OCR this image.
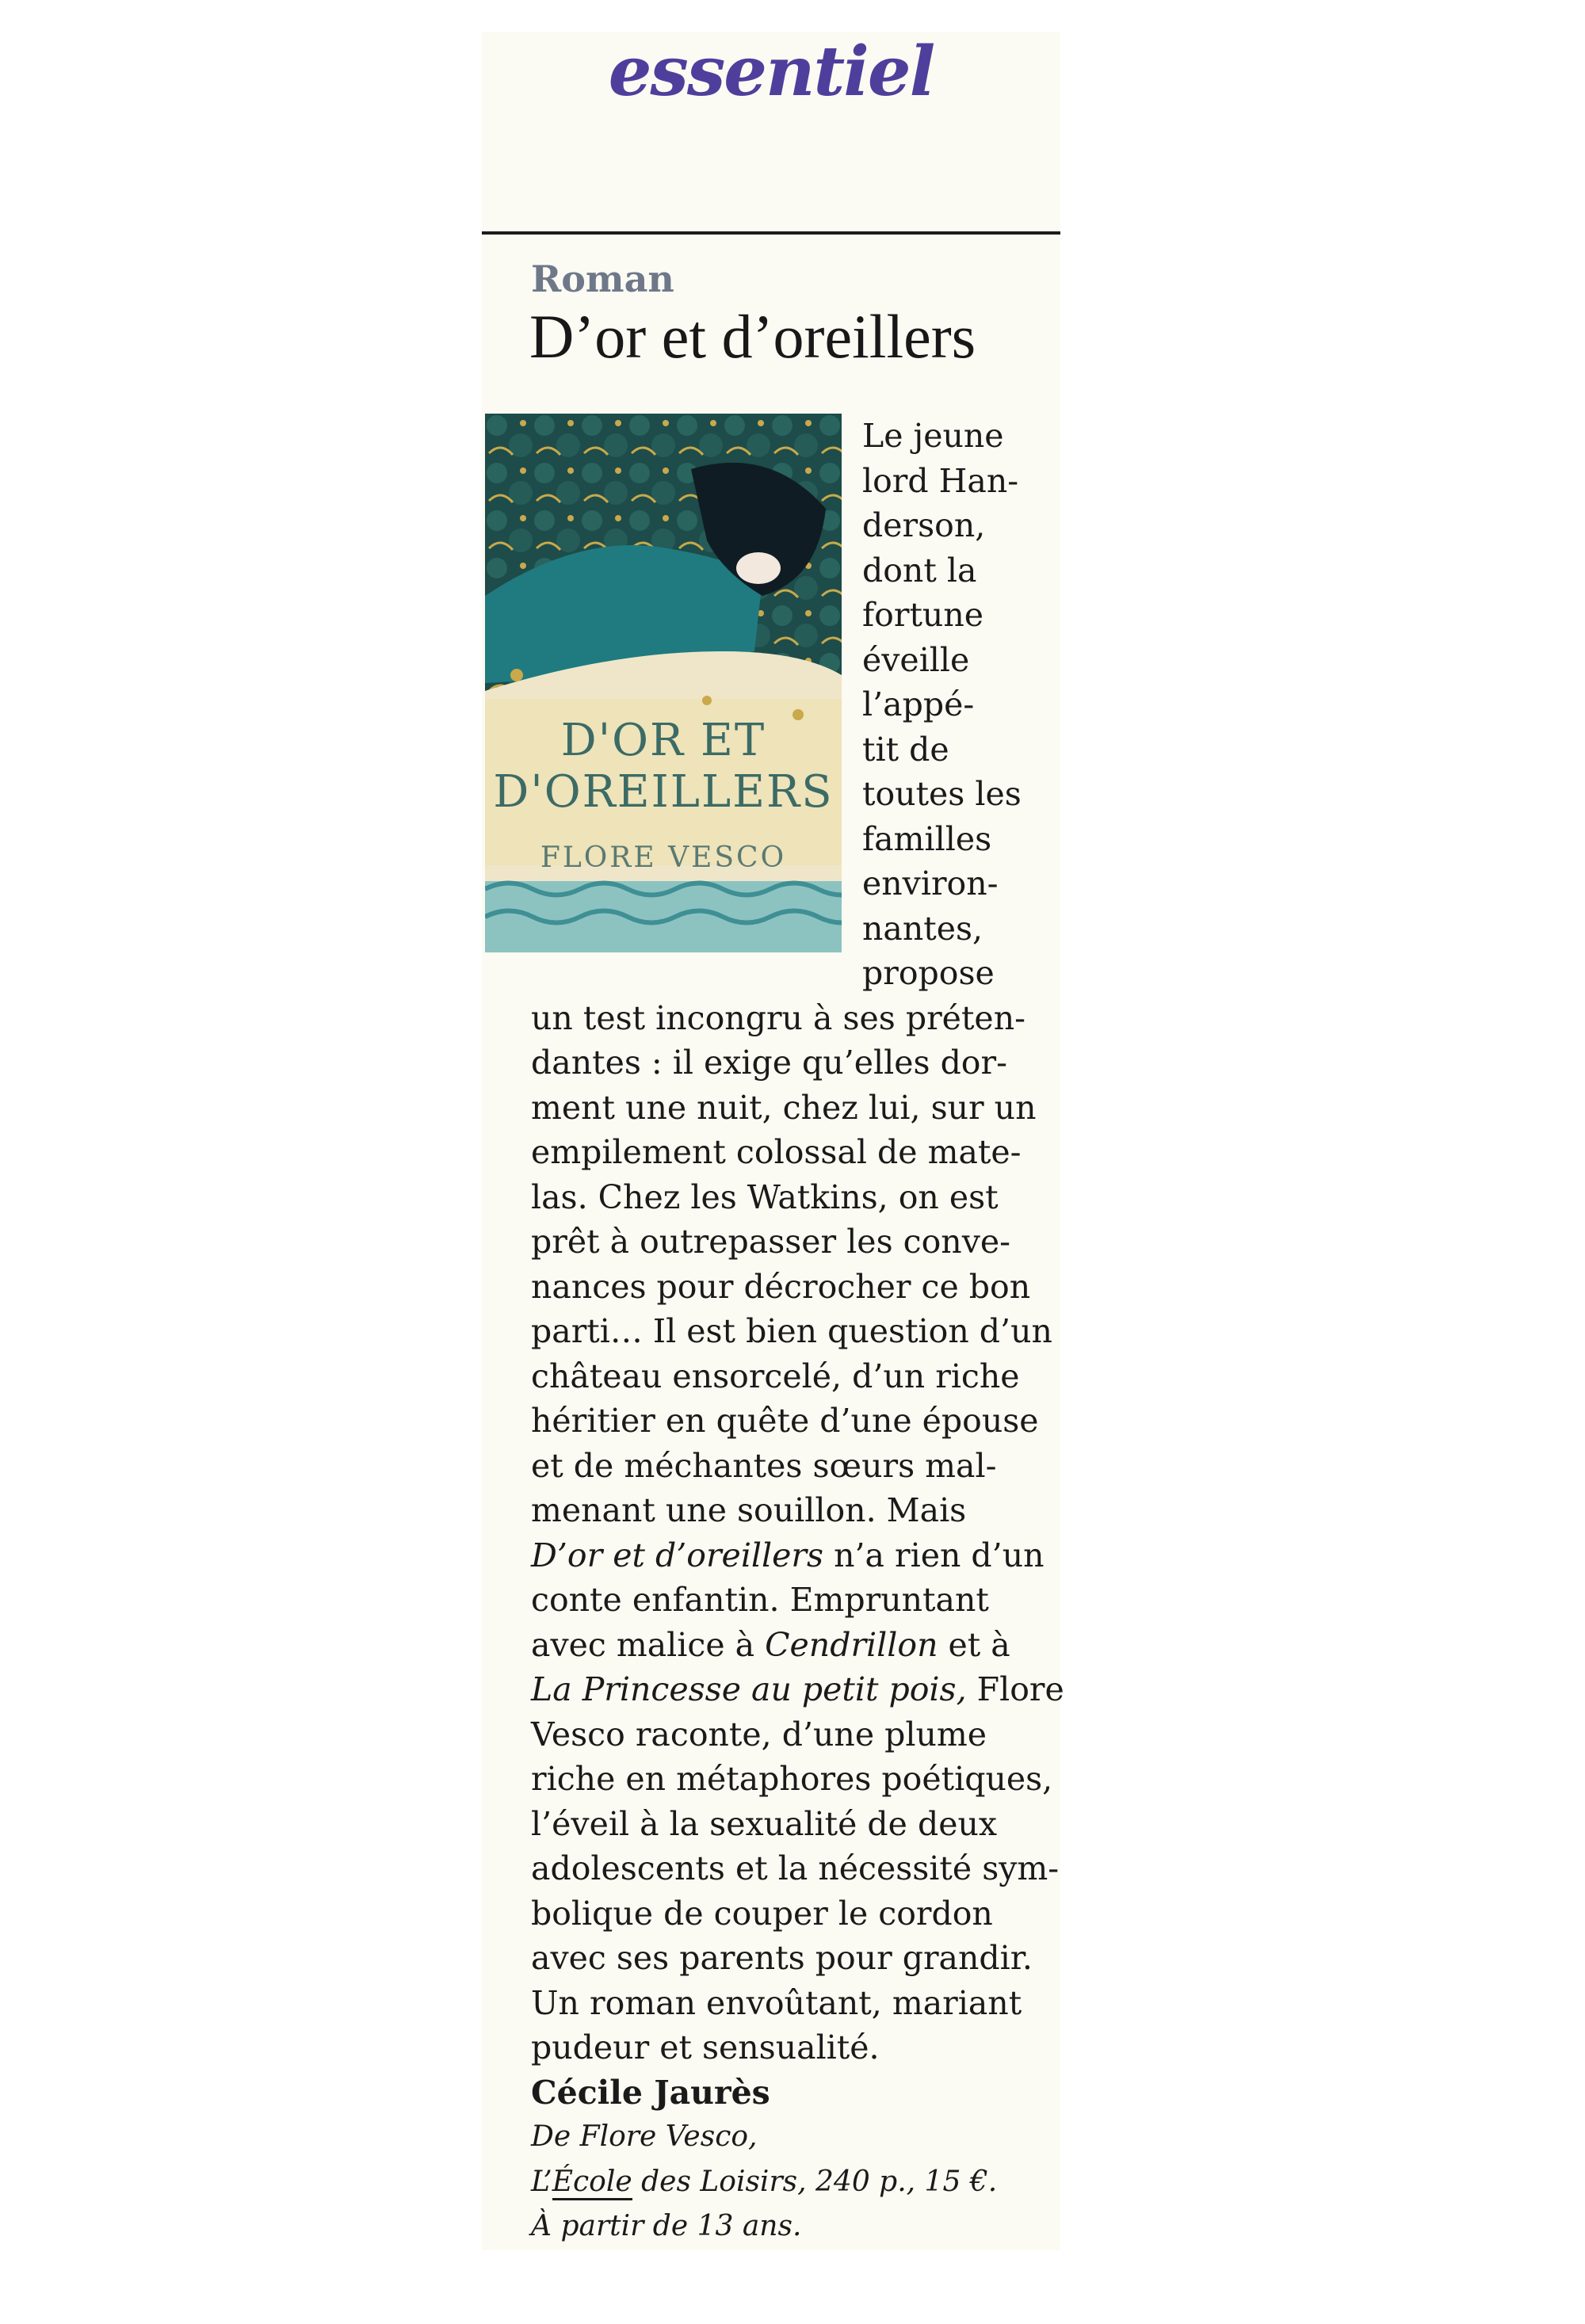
essentiel
Roman
D’or et d’oreillers
D'OR ET
D'OREILLERS
FLORE VESCO
Le jeune
lord Han-
derson,
dont la
fortune
éveille
l’appé-
tit de
toutes les
familles
environ-
nantes,
propose
un test incongru à ses préten-
dantes : il exige qu’elles dor-
ment une nuit, chez lui, sur un
empilement colossal de mate-
las. Chez les Watkins, on est
prêt à outrepasser les conve-
nances pour décrocher ce bon
parti… Il est bien question d’un
château ensorcelé, d’un riche
héritier en quête d’une épouse
et de méchantes sœurs mal-
menant une souillon. Mais
D’or et d’oreillers n’a rien d’un
conte enfantin. Empruntant
avec malice à Cendrillon et à
La Princesse au petit pois, Flore
Vesco raconte, d’une plume
riche en métaphores poétiques,
l’éveil à la sexualité de deux
adolescents et la nécessité sym-
bolique de couper le cordon
avec ses parents pour grandir.
Un roman envoûtant, mariant
pudeur et sensualité.
Cécile Jaurès
De Flore Vesco,
L’École des Loisirs, 240 p., 15 €.
À partir de 13 ans.
